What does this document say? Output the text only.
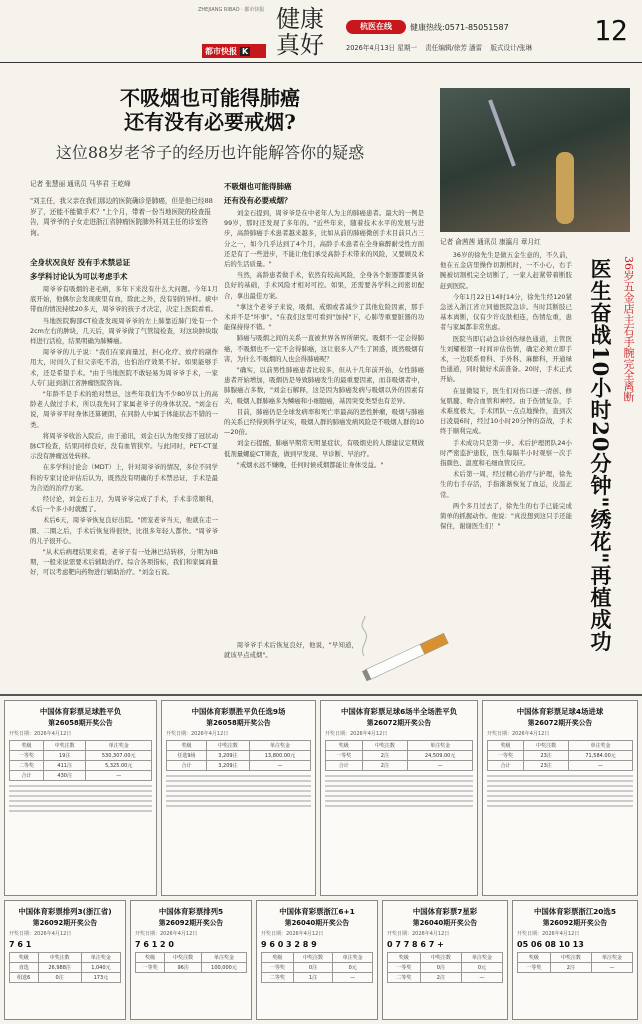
ZHEJIANG RIBAO · 都市快报
都市快报 K
健康
真好
杭医在线	健康热线:0571-85051587
2026年4月13日 星期一 责任编辑/徐芳 潘雷 版式设计/张琳
12
不吸烟也可能得肺癌
还有没有必要戒烟?
这位88岁老爷子的经历也许能解答你的疑惑
记者 张慧丽 通讯员 马华君 王屹峰
"刘主任，我父亲在我们那边的医院确诊是肺癌，但是他已经88岁了，还能不能做手术？"上个月，带着一份当地医院的检查报告，周爷爷的子女走进浙江省肿瘤医院肺外科刘主任的诊室咨询。
全身状况良好 没有手术禁忌证
多学科讨论认为可以考虑手术

周爷爷有吸烟的老毛病，多年下来没有什么大问题。今年1月底开始，他偶尔会发现痰里有血，除此之外，没有别的异样。痰中带血的情况持续20多天，周爷爷的孩子才决定，决定上医院看看。

当地医院胸部CT检查发现周爷爷的左上肺靠近肺门处有一个2cm左右的肿块，几天后，周爷爷做了气管镜检查，对这块肿块取样进行活检，结果明确为肺鳞癌。

周爷爷的儿子说："我们在家商量过，担心化疗、放疗的副作用大，时间久了但父亲吃不消，也怕治疗效果不好。如果能够手术，还是希望手术。"由于当地医院不敢轻易为周爷爷手术，一家人专门赶到浙江省肿瘤医院咨询。

"年龄不是手术的绝对禁忌，这些年我们为不少80岁以上的高龄老人做过手术，所以我先问了家属老爷子的身体状况。"刘金石说，周爷爷平时身体还算硬朗，在同龄人中属于体能状态不错的一类。

将周爷爷收治入院后，由于通讯，刘金石认为他安排了冠状动脉CT检查，结果同样良好，没有血管狭窄。与此同时，PET-CT显示没有肿瘤远处转移。

在多学科讨论会（MDT）上，针对周爷爷的情况，多位不同学科的专家讨论评估后认为，既然没有明确的手术禁忌证，手术是最为合适的治疗方案。

经讨论，刘金石主刀，为周爷爷完成了手术，手术非常顺利，术后一个多小时就醒了。

术后6天，周爷爷恢复良好出院。"团宠老爷当天，他就在走一圈、二圈之后，手术后恢复得很快，比很多年轻人都快。"周爷爷的儿子很开心。

"从术后病理结果来看，老爷子有一处淋巴结转移，分期为IIB期，一般来说需要术后辅助治疗。综合各项指标，我们和家属商量好，可以考虑靶向药物进行辅助治疗。"刘金石说。

不吸烟也可能得肺癌
还有没有必要戒烟？

刘金石提到，周爷爷是在中老年人为主的肺癌患者。最大的一例是99岁，那时还发现了多年的。"近些年来，随着技术水平的发展与进步，高龄肺癌手术患者越来越多，比如从前的肺癌微创手术目前只占三分之一，如今几乎达到了4个月，高龄手术患者在全身麻醉耐受性方面还是有了一些进步，不能让他们承受高龄手术带来的风险，又要顾及术后的生活质量。"

当然，高龄患者做手术，依然有较高风险，全身各个脏器都要具备良好的基础，手术风险才相对可控。如果，还需要各学科之间密切配合，拿出最佳方案。

"拿这个老爷子来说，吸烟、戒烟或者减少了其他危险因素，那手术并不是"坏事"。"在我们这里可看到"加持"下，心肺等重要脏器的功能保持得不错。"

肺癌与吸烟之间的关系一直被世界各界所研究。吸烟不一定会得肺癌，不吸烟也不一定不会得肺癌，这让很多人产生了困惑，既然吸烟有害，为什么不吸烟的人也会得肺癌呢？

"确实，以前男性肺癌患者比较多，但从十几年前开始，女性肺癌患者开始增加，吸烟仍是导致肺癌发生的最重要因素，而非吸烟者中，肺腺癌占多数，"刘金石解释，这是因为肺癌发病与吸烟以外的因素有关，吸烟人群肺癌多为鳞癌和小细胞癌，基因突变类型也有差异。

目前，肺癌仍是全球发病率和死亡率最高的恶性肿瘤，吸烟与肺癌的关系已经得到科学证实，吸烟人群的肺癌发病风险是不吸烟人群的10—20倍。

刘金石提醒，肺癌早期常无明显症状，有吸烟史的人群建议定期做低剂量螺旋CT筛查，做到早发现、早诊断、早治疗。

"戒烟永远不嫌晚，任何时候戒烟都能让身体受益。"

周爷爷手术后恢复良好，他说，"早知道，就该早点戒烟"。

记者 俞茜茜 通讯员 康瀛月 章月红

36岁的徐先生是做五金生意的，不久前，他在五金店里操作切割机时，一不小心，右手腕被切割机完全切断了，一家人赶紧带着断肢赶到医院。

今年1月22日14时14分，徐先生经120紧急送入浙江省立同德医院急诊。当时其断肢已基本离断，仅有少许皮肤相连，伤情危重，患者与家属都非常焦虑。

医院当即启动急诊创伤绿色通道，主管医生刘耀根第一时间评估伤情，确定必须立即手术，一边联系骨科、手外科、麻醉科，开通绿色通道，同时做好术前准备。20时，手术正式开始。

在显微镜下，医生们对伤口逐一清创、修复肌腱、吻合血管和神经。由于伤情复杂，手术难度极大，手术团队一点点地操作，直到次日凌晨6时，经过10小时20分钟的奋战，手术终于顺利完成。

手术成功只是第一步。术后护理团队24小时严密监护患肢，医生每隔半小时观察一次手指颜色、温度和毛细血管反应。

术后第一周，经过精心治疗与护理，徐先生的右手存活，手指渐渐恢复了血运，皮温正常。

两个多月过去了，徐先生的右手已能完成简单的抓握动作。他说："真没想到这只手还能保住，谢谢医生们！"

36岁五金店主右手腕完全离断
医生奋战10小时20分钟"绣花"再植成功
中国体育彩票足球胜平负
第26058期开奖公告
开奖日期：2026年4月12日
奖级	中奖注数	单注奖金
一等奖	19注	530,307.00元
二等奖	411注	5,325.00元
合计	430注	—
中国体育彩票胜平负任选9场
第26058期开奖公告
开奖日期：2026年4月12日
奖级	中奖注数	单注奖金
任选9场	3,209注	13,800.00元
合计	3,209注	—
中国体育彩票足球6场半全场胜平负
第26072期开奖公告
开奖日期：2026年4月12日
奖级	中奖注数	单注奖金
一等奖	2注	24,509.00元
合计	2注	—
中国体育彩票足球4场进球
第26072期开奖公告
开奖日期：2026年4月12日
奖级	中奖注数	单注奖金
一等奖	23注	71,584.00元
合计	23注	—
中国体育彩票排列3(浙江省)
第26092期开奖公告
开奖日期：2026年4月12日
7 6 1
奖级	中奖注数	单注奖金
直选	26,988注	1,040元
组选6	0注	173元
中国体育彩票排列5
第26092期开奖公告
开奖日期：2026年4月12日
7 6 1 2 0
奖级	中奖注数	单注奖金
一等奖	96注	100,000元
中国体育彩票浙江6+1
第26040期开奖公告
开奖日期：2026年4月12日
9 6 0 3 2 8 9
奖级	中奖注数	单注奖金
一等奖	0注	0元
二等奖	1注	—
中国体育彩票7星彩
第26040期开奖公告
开奖日期：2026年4月12日
0 7 7 8 6 7 +
奖级	中奖注数	单注奖金
一等奖	0注	0元
二等奖	2注	—
中国体育彩票浙江20选5
第26092期开奖公告
开奖日期：2026年4月12日
05 06 08 10 13
奖级	中奖注数	单注奖金
一等奖	2注	—
